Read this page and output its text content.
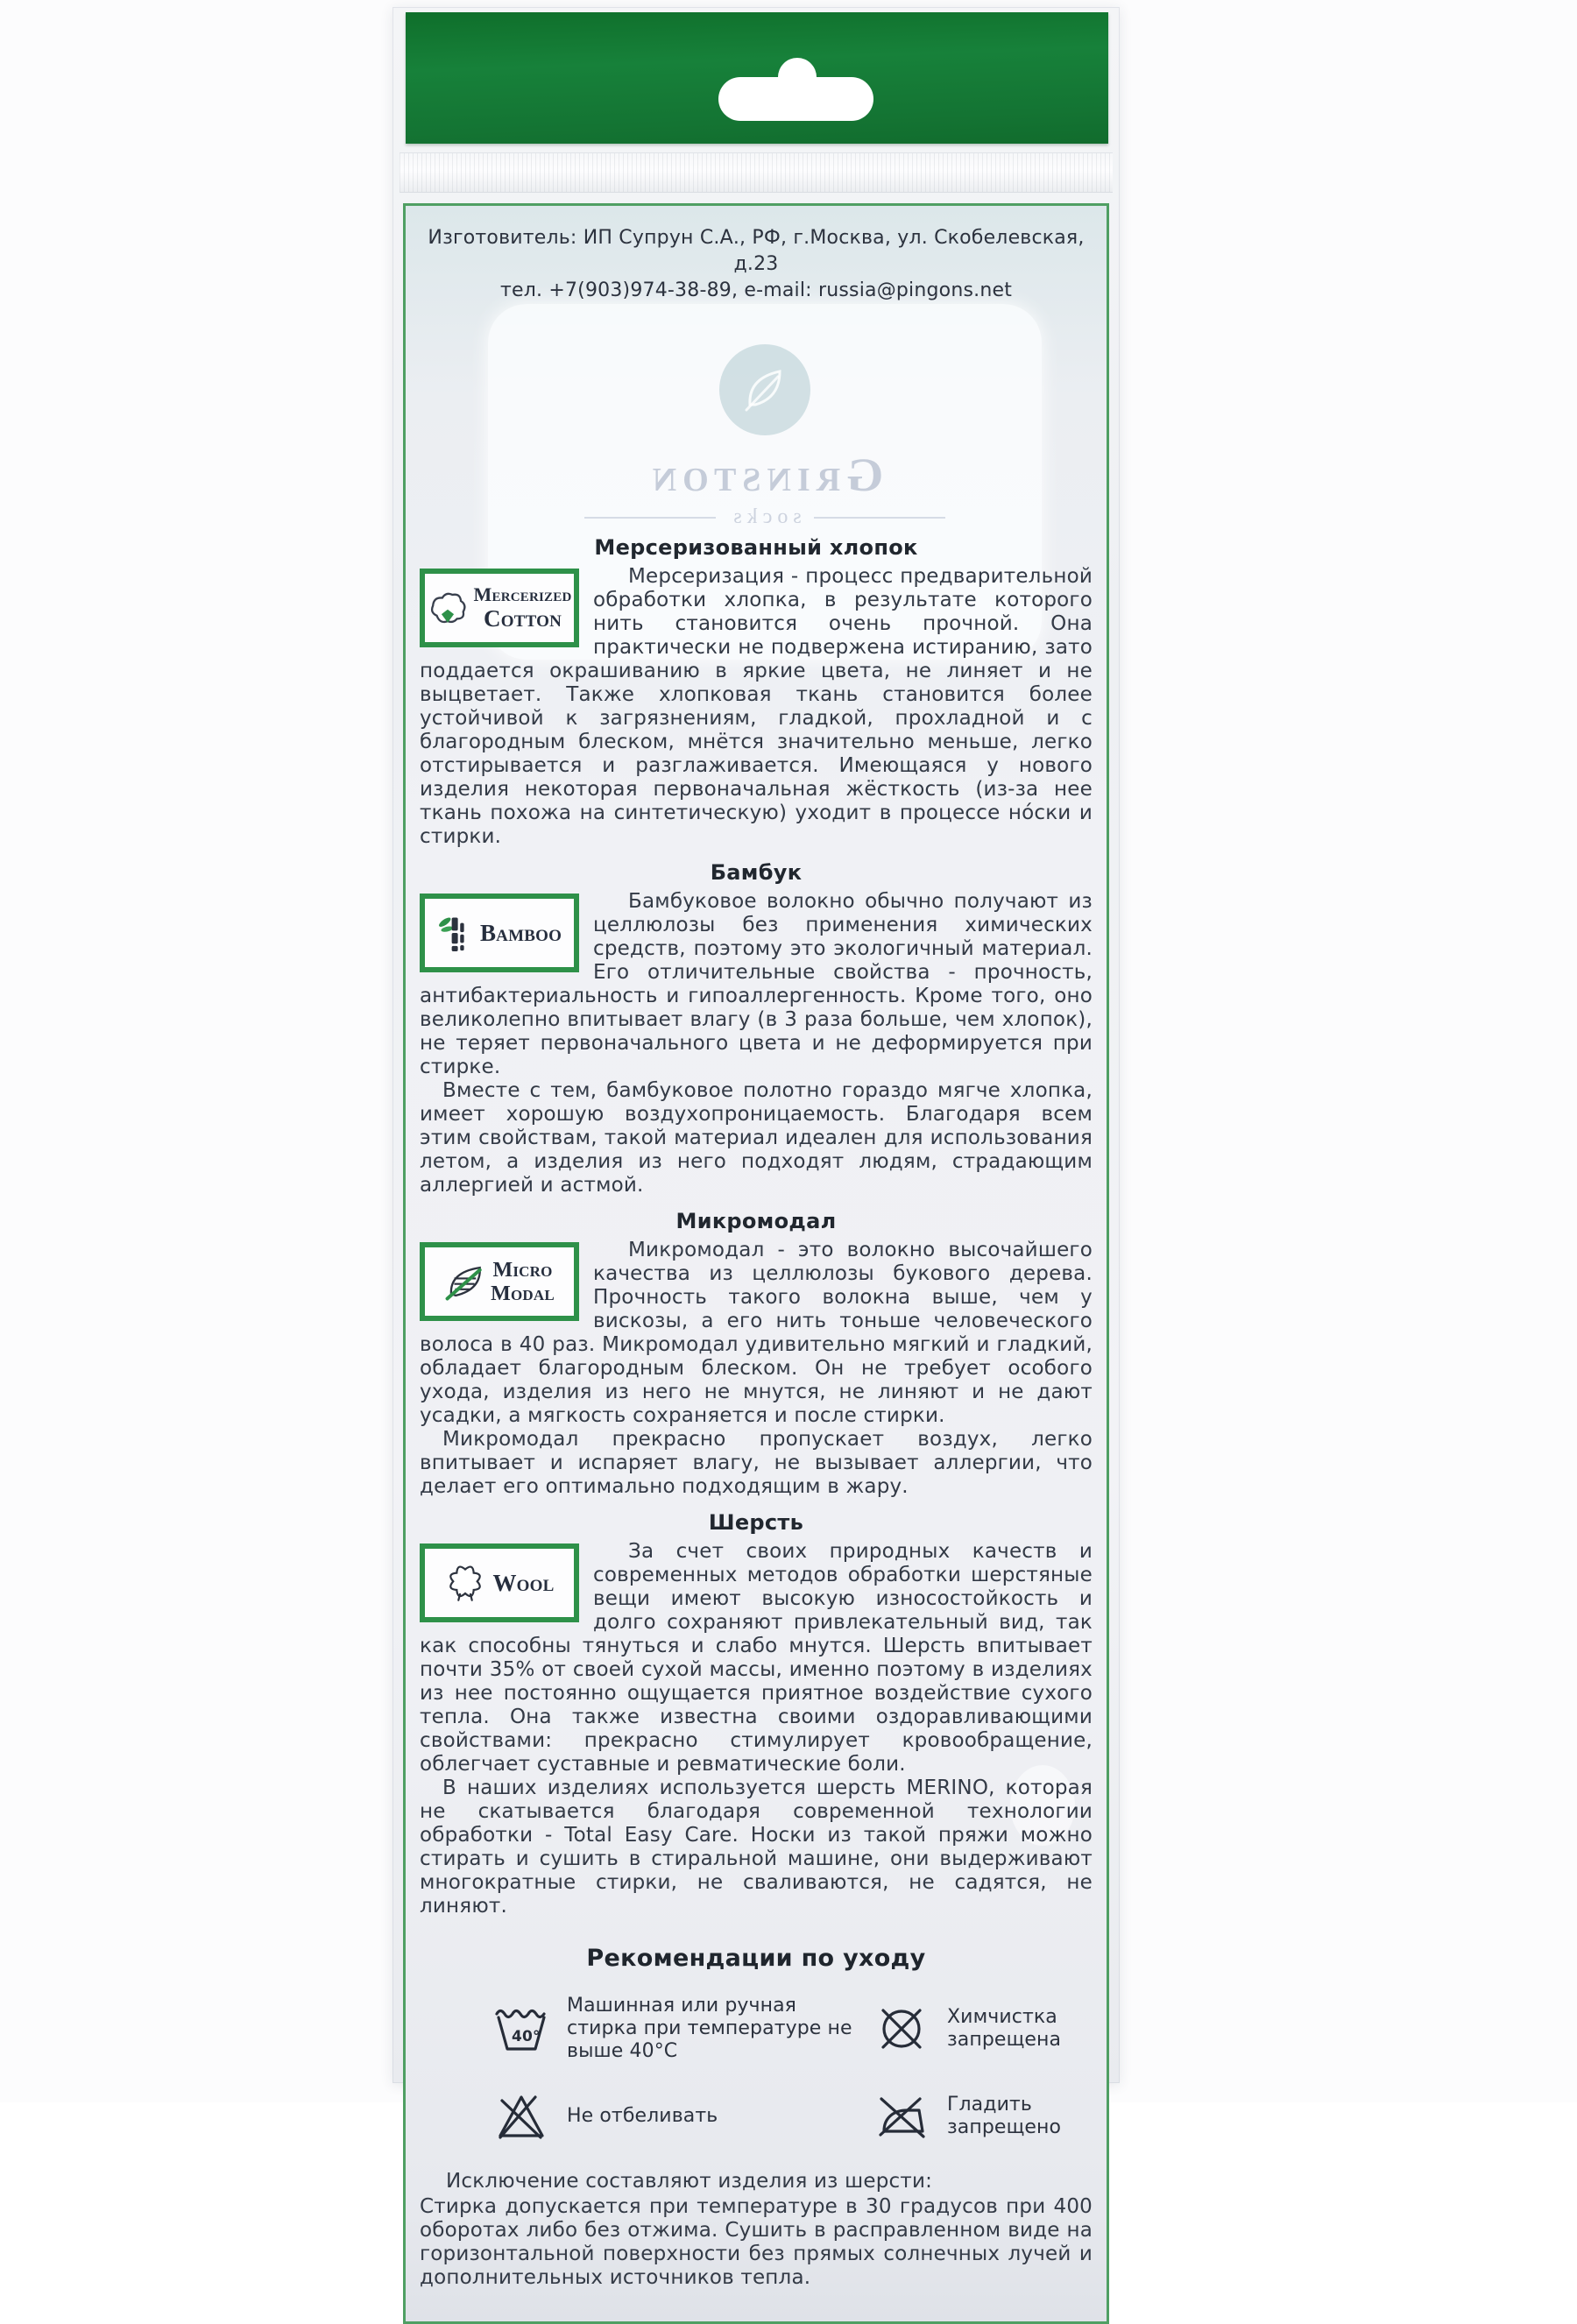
Grinston
socks
Изготовитель: ИП Супрун С.А., РФ, г.Москва, ул. Скобелевская, д.23
тел. +7(903)974-38-89, e-mail: russia@pingons.net
Мерсеризованный хлопок
Mercerized
Cotton

Мерсеризация - процесс предварительной обработки хлопка, в результате которого нить становится очень прочной. Она практически не подвержена истиранию, зато поддается окрашиванию в яркие цвета, не линяет и не выцветает. Также хлопковая ткань становится более устойчивой к загрязнениям, гладкой, прохладной и с благородным блеском, мнётся значительно меньше, легко отстирывается и разглаживается. Имеющаяся у нового изделия некоторая первоначальная жёсткость (из-за нее ткань похожа на синтетическую) уходит в процессе но́ски и стирки.

Бамбук
Bamboo

Бамбуковое волокно обычно получают из целлюлозы без применения химических средств, поэтому это экологичный материал. Его отличительные свойства - прочность, антибактериальность и гипоаллергенность. Кроме того, оно великолепно впитывает влагу (в 3 раза больше, чем хлопок), не теряет первоначального цвета и не деформируется при стирке.

Вместе с тем, бамбуковое полотно гораздо мягче хлопка, имеет хорошую воздухопроницаемость. Благодаря всем этим свойствам, такой материал идеален для использования летом, а изделия из него подходят людям, страдающим аллергией и астмой.

Микромодал
Micro
Modal

Микромодал - это волокно высочайшего качества из целлюлозы букового дерева. Прочность такого волокна выше, чем у вискозы, а его нить тоньше человеческого волоса в 40 раз. Микромодал удивительно мягкий и гладкий, обладает благородным блеском. Он не требует особого ухода, изделия из него не мнутся, не линяют и не дают усадки, а мягкость сохраняется и после стирки.

Микромодал прекрасно пропускает воздух, легко впитывает и испаряет влагу, не вызывает аллергии, что делает его оптимально подходящим в жару.

Шерсть
Wool

За счет своих природных качеств и современных методов обработки шерстяные вещи имеют высокую износостойкость и долго сохраняют привлекательный вид, так как способны тянуться и слабо мнутся. Шерсть впитывает почти 35% от своей сухой массы, именно поэтому в изделиях из нее постоянно ощущается приятное воздействие сухого тепла. Она также известна своими оздоравливающими свойствами: прекрасно стимулирует кровообращение, облегчает суставные и ревматические боли.

В наших изделиях используется шерсть MERINO, которая не скатывается благодаря современной технологии обработки - Total Easy Care. Носки из такой пряжи можно стирать и сушить в стиральной машине, они выдерживают многократные стирки, не сваливаются, не садятся, не линяют.

Рекомендации по уходу
40°
Машинная или ручная стирка при температуре не выше 40°С
Химчистка запрещена
Не отбеливать
Гладить запрещено

Исключение составляют изделия из шерсти:

Стирка допускается при температуре в 30 градусов при 400 оборотах либо без отжима. Сушить в расправленном виде на горизонтальной поверхности без прямых солнечных лучей и дополнительных источников тепла.
